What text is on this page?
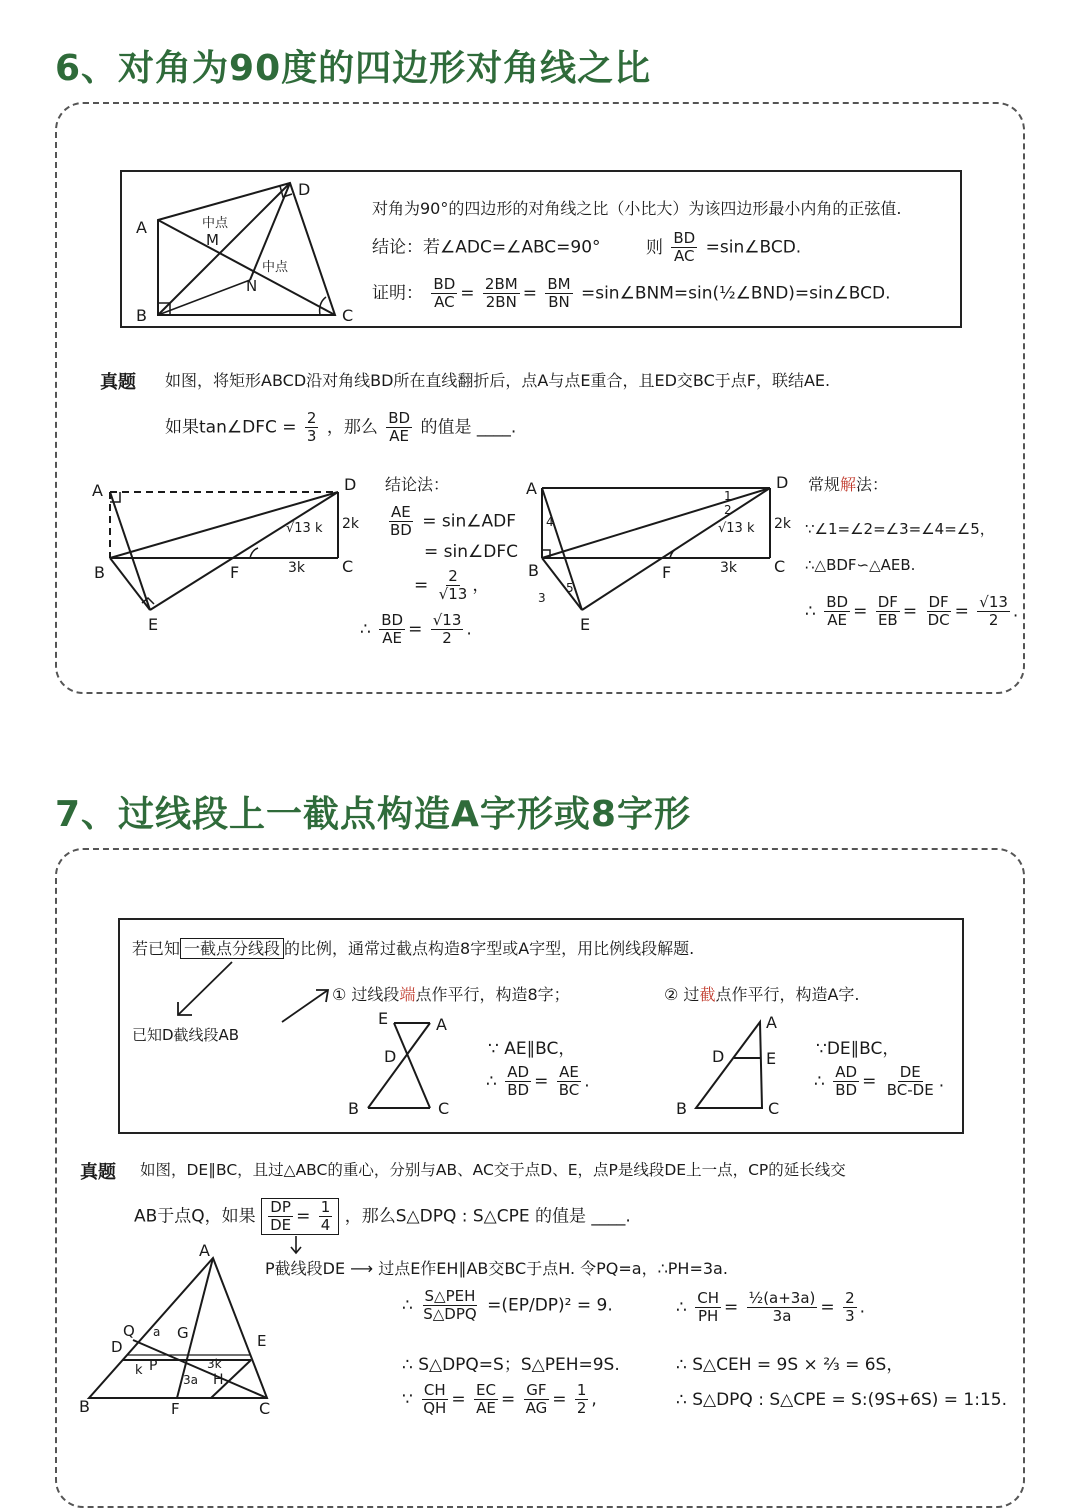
6、对角为90度的四边形对角线之比
A
B	C
D
M
N
中点
中点
对角为90°的四边形的对角线之比（小比大）为该四边形最小内角的正弦值.
结论：若∠ADC=∠ABC=90°	则 $\frac{BD}{AC}$ =sin∠BCD.
证明： $\frac{BD}{AC} = \frac{2BM}{2BN} = \frac{BM}{BN}$ =sin∠BNM=sin(½∠BND)=sin∠BCD.
真题 如图，将矩形ABCD沿对角线BD所在直线翻折后，点A与点E重合，且ED交BC于点F，联结AE.
如果tan∠DFC = $\frac{2}{3}$ ，那么 $\frac{BD}{AE}$ 的值是 ____.
A
B	C
D
E
F	3k
2k
√13 k
结论法：
$\frac{AE}{BD}$ = sin∠ADF
= sin∠DFC
= $\frac{2}{√13}$ ，
∴ $\frac{BD}{AE} = \frac{√13}{2}$ .
A
B	C
D
E
F	3k
2k
√13 k
1
2
3
4
5
常规解法：
∵∠1=∠2=∠3=∠4=∠5，
∴△BDF∽△AEB.
∴ $\frac{BD}{AE} = \frac{DF}{EB} = \frac{DF}{DC} = \frac{√13}{2}$ .
7、过线段上一截点构造A字形或8字形
若已知 一截点分线段 的比例，通常过截点构造8字型或A字型，用比例线段解题.
已知D截线段AB
① 过线段端点作平行，构造8字；	② 过截点作平行，构造A字.
E	A
D
B	C
∵ AE∥BC，
∴ $\frac{AD}{BD} = \frac{AE}{BC}$ .
A
D	E
B	C
∵DE∥BC，
∴ $\frac{AD}{BD} = \frac{DE}{BC-DE}$ .
真题 如图，DE∥BC，且过△ABC的重心，分别与AB、AC交于点D、E，点P是线段DE上一点，CP的延长线交
AB于点Q，如果 $\frac{DP}{DE} = \frac{1}{4}$ ，那么S△DPQ : S△CPE 的值是 ____.
P截线段DE ⟶ 过点E作EH∥AB交BC于点H. 令PQ=a，∴PH=3a.
A
B	C
D	E
F
G
H
P
Q a
k	3k
3a
∴ $\frac{\text{S△PEH}}{\text{S△DPQ}} =(EP/DP)^2 = 9$.
∴ S△DPQ=S；S△PEH=9S.
∵ $\frac{CH}{QH} = \frac{EC}{AE} = \frac{GF}{AG} = \frac{1}{2}$ ,
∴ $\frac{CH}{PH} = \frac{\text{½(a+3a)}}{3a} = \frac{2}{3}$ .
∴ S△CEH = 9S × ⅔ = 6S，
∴ S△DPQ : S△CPE = S:(9S+6S) = 1:15.
